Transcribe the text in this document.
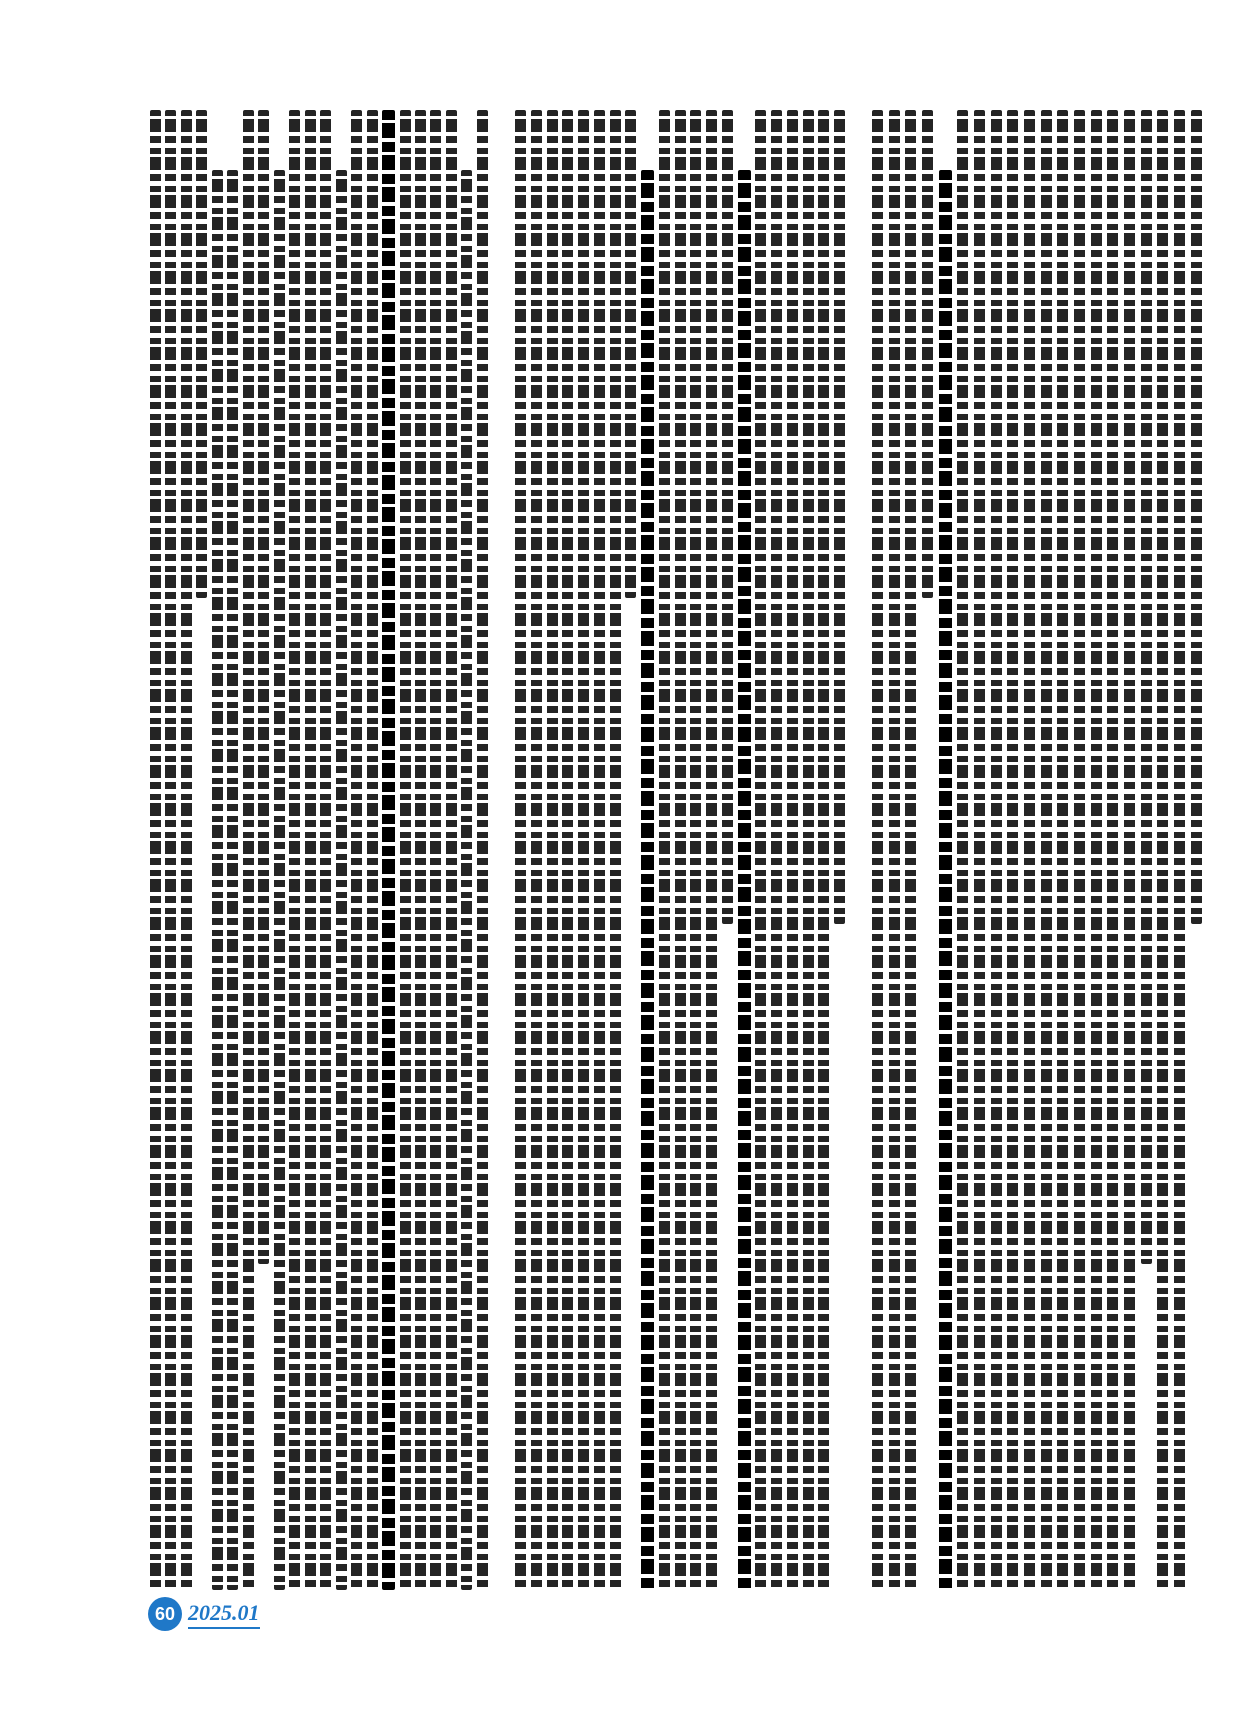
60 2025.01
